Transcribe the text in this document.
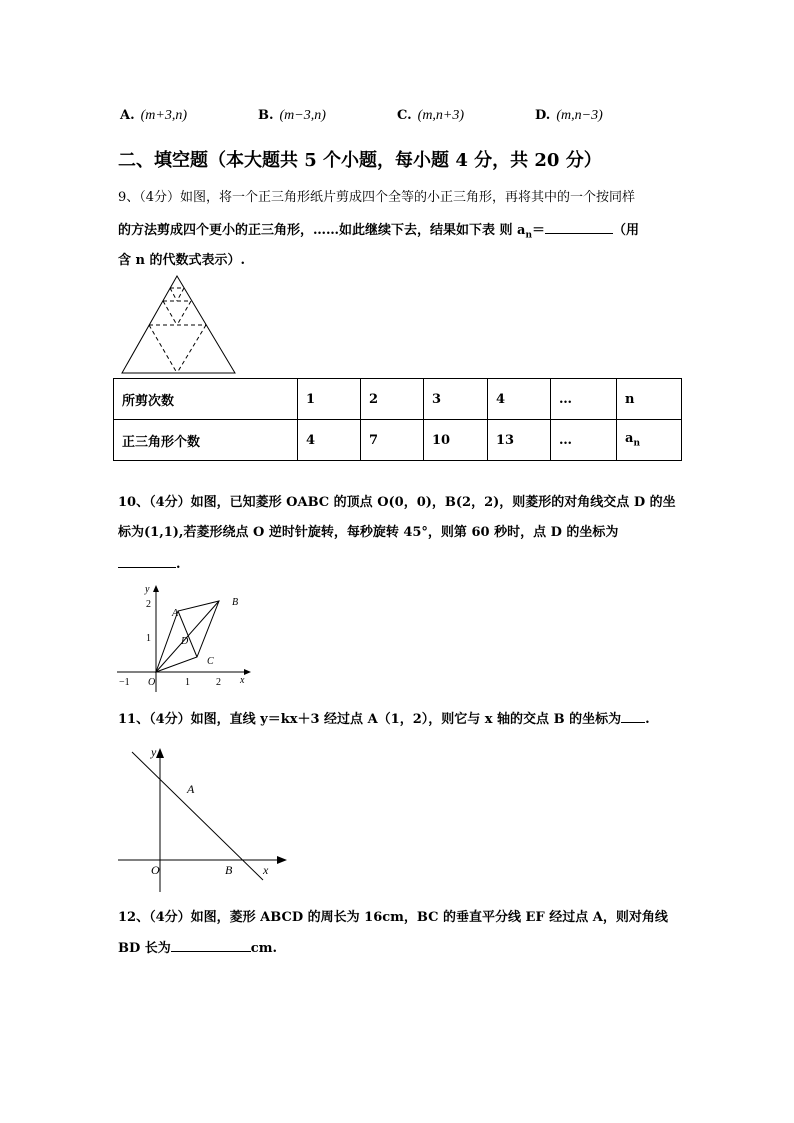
A. (m+3,n)	B. (m−3,n)	C. (m,n+3)	D. (m,n−3)
二、填空题（本大题共 5 个小题，每小题 4 分，共 20 分）
9、（4分）如图，将一个正三角形纸片剪成四个全等的小正三角形，再将其中的一个按同样
的方法剪成四个更小的正三角形，……如此继续下去，结果如下表 则 $a_n=$	（用
含 n 的代数式表示）.
所剪次数	1	2	3	4	…	n
正三角形个数	4	7	10	13	…	$a_n$
10、（4分）如图，已知菱形 OABC 的顶点 O(0，0)，B(2，2)，则菱形的对角线交点 D 的坐
标为(1,1),若菱形绕点 O 逆时针旋转，每秒旋转 45°，则第 60 秒时，点 D 的坐标为
.
y
2
1
A
B
D
C
−1 O	1	2 x
11、（4分）如图，直线 y＝kx＋3 经过点 A（1，2），则它与 x 轴的交点 B 的坐标为 .
y
A
O	B	x
12、（4分）如图，菱形 ABCD 的周长为 16cm，BC 的垂直平分线 EF 经过点 A，则对角线
BD 长为	cm.
